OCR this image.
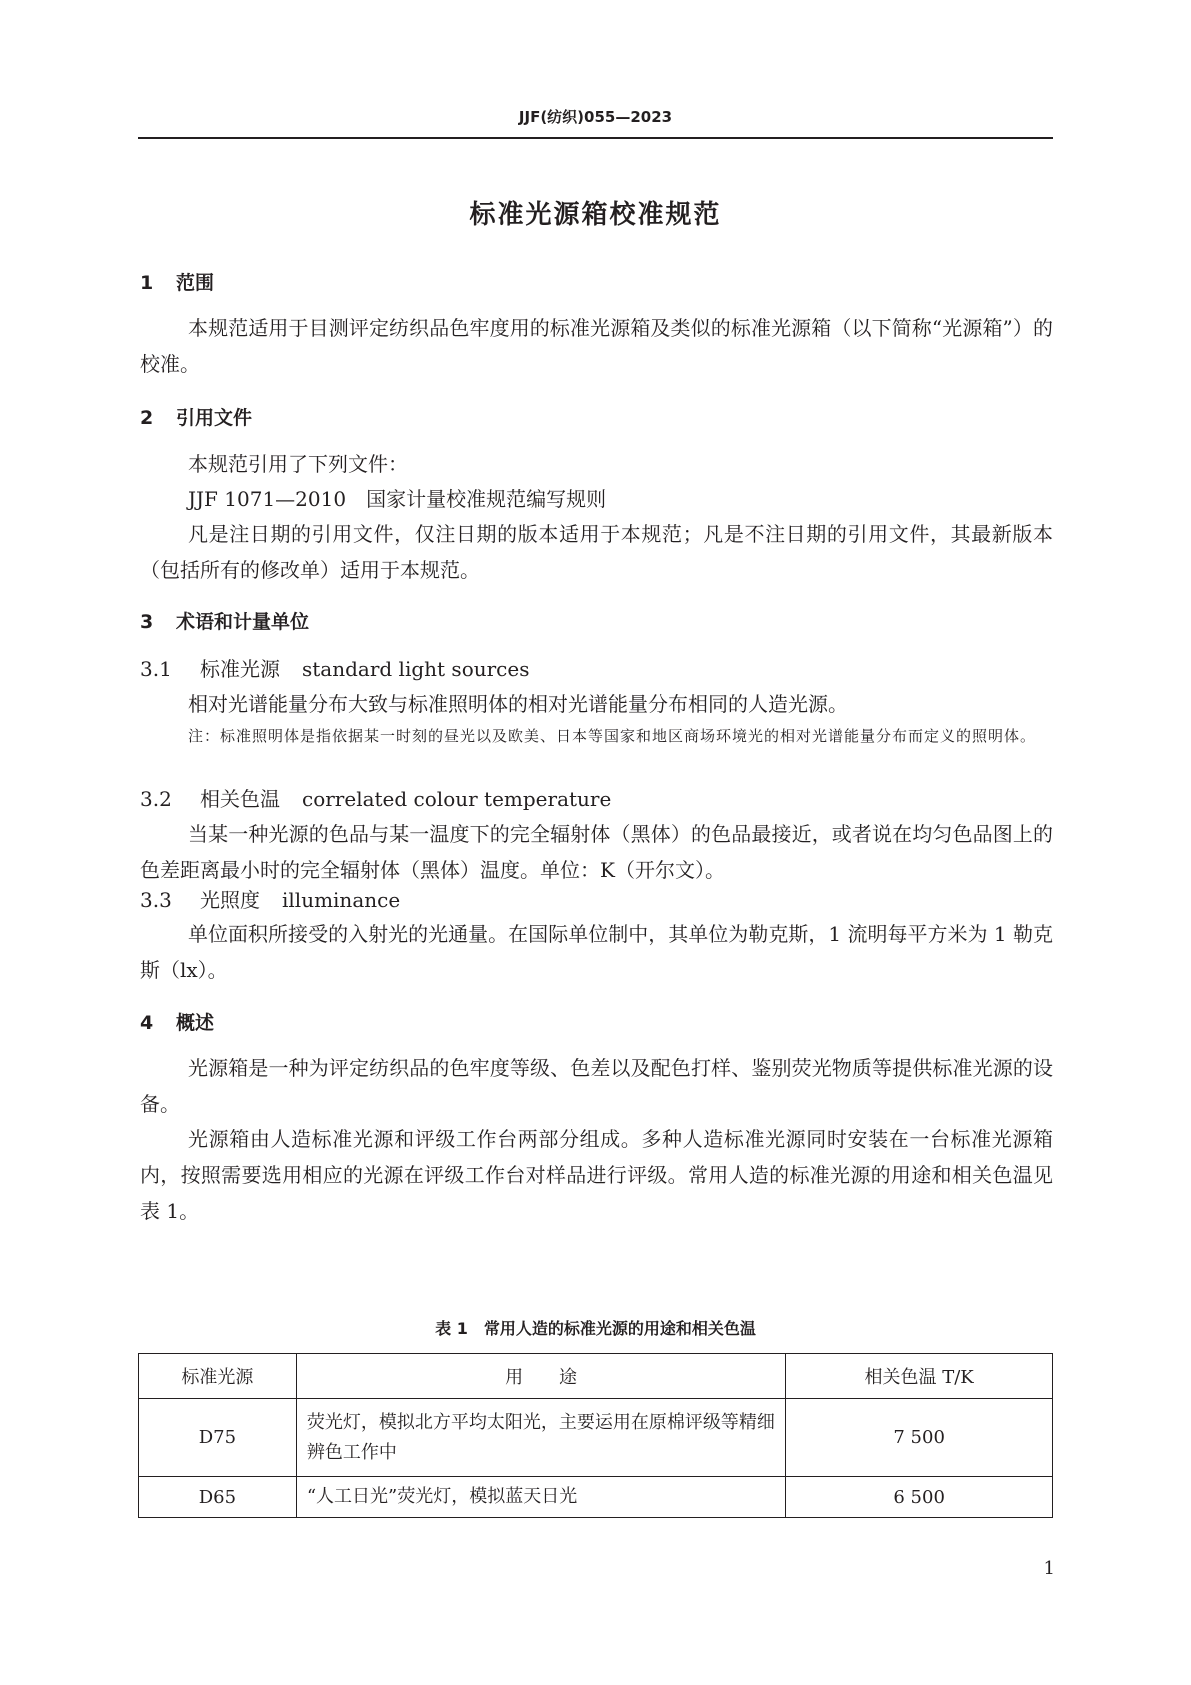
JJF(纺织)055—2023
标准光源箱校准规范
1 范围
本规范适用于目测评定纺织品色牢度用的标准光源箱及类似的标准光源箱（以下简称“光源箱”）的校准。
2 引用文件
本规范引用了下列文件：
JJF 1071—2010　国家计量校准规范编写规则
凡是注日期的引用文件，仅注日期的版本适用于本规范；凡是不注日期的引用文件，其最新版本（包括所有的修改单）适用于本规范。
3 术语和计量单位
3.1 标准光源 standard light sources
相对光谱能量分布大致与标准照明体的相对光谱能量分布相同的人造光源。
注：标准照明体是指依据某一时刻的昼光以及欧美、日本等国家和地区商场环境光的相对光谱能量分布而定义的照明体。
3.2 相关色温 correlated colour temperature
当某一种光源的色品与某一温度下的完全辐射体（黑体）的色品最接近，或者说在均匀色品图上的色差距离最小时的完全辐射体（黑体）温度。单位：K（开尔文）。
3.3 光照度 illuminance
单位面积所接受的入射光的光通量。在国际单位制中，其单位为勒克斯，1 流明每平方米为 1 勒克斯（lx）。
4 概述
光源箱是一种为评定纺织品的色牢度等级、色差以及配色打样、鉴别荧光物质等提供标准光源的设备。
光源箱由人造标准光源和评级工作台两部分组成。多种人造标准光源同时安装在一台标准光源箱内，按照需要选用相应的光源在评级工作台对样品进行评级。常用人造的标准光源的用途和相关色温见表 1。
表 1　常用人造的标准光源的用途和相关色温
标准光源	用　　途	相关色温 T/K
D75	荧光灯，模拟北方平均太阳光，主要运用在原棉评级等精细辨色工作中	7 500
D65	“人工日光”荧光灯，模拟蓝天日光	6 500
1
